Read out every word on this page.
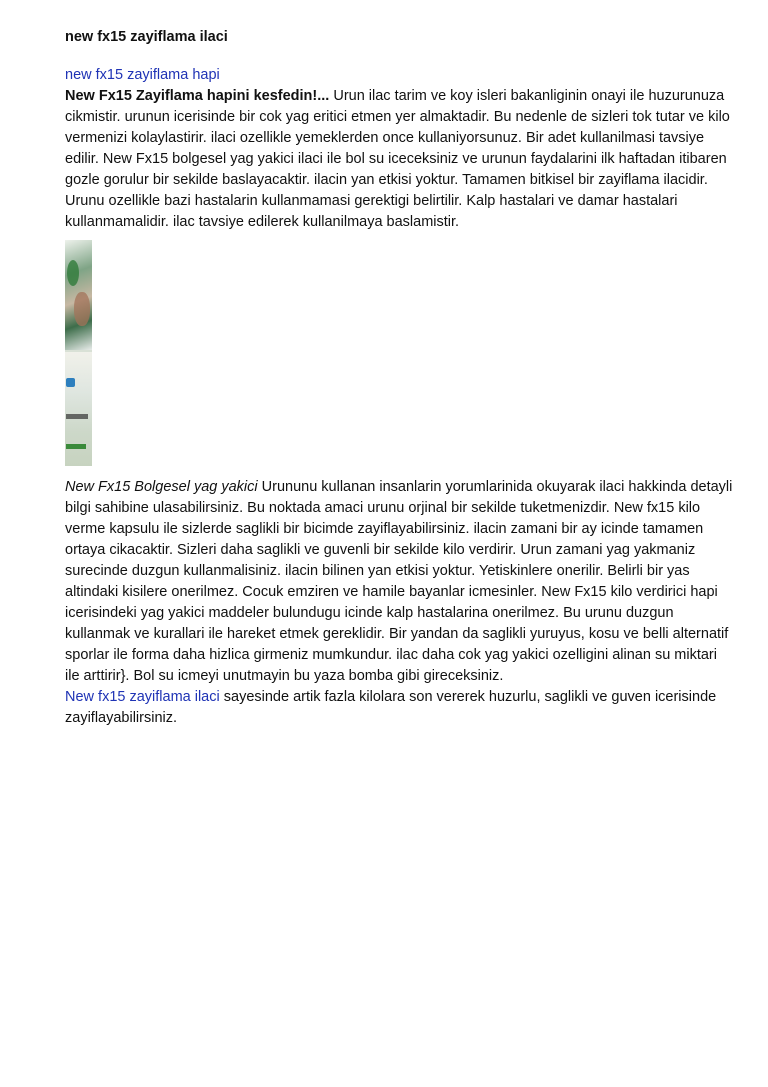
new fx15 zayiflama ilaci

new fx15 zayiflama hapi
New Fx15 Zayiflama hapini kesfedin!... Urun ilac tarim ve koy isleri bakanliginin onayi ile huzurunuza cikmistir. urunun icerisinde bir cok yag eritici etmen yer almaktadir. Bu nedenle de sizleri tok tutar ve kilo vermenizi kolaylastirir. ilaci ozellikle yemeklerden once kullaniyorsunuz. Bir adet kullanilmasi tavsiye edilir. New Fx15 bolgesel yag yakici ilaci ile bol su iceceksiniz ve urunun faydalarini ilk haftadan itibaren gozle gorulur bir sekilde baslayacaktir. ilacin yan etkisi yoktur. Tamamen bitkisel bir zayiflama ilacidir. Urunu ozellikle bazi hastalarin kullanmamasi gerektigi belirtilir. Kalp hastalari ve damar hastalari kullanmamalidir. ilac tavsiye edilerek kullanilmaya baslamistir.

New Fx15 Bolgesel yag yakici Urununu kullanan insanlarin yorumlarinida okuyarak ilaci hakkinda detayli bilgi sahibine ulasabilirsiniz. Bu noktada amaci urunu orjinal bir sekilde tuketmenizdir. New fx15 kilo verme kapsulu ile sizlerde saglikli bir bicimde zayiflayabilirsiniz. ilacin zamani bir ay icinde tamamen ortaya cikacaktir. Sizleri daha saglikli ve guvenli bir sekilde kilo verdirir. Urun zamani yag yakmaniz surecinde duzgun kullanmalisiniz. ilacin bilinen yan etkisi yoktur. Yetiskinlere onerilir. Belirli bir yas altindaki kisilere onerilmez. Cocuk emziren ve hamile bayanlar icmesinler. New Fx15 kilo verdirici hapi icerisindeki yag yakici maddeler bulundugu icinde kalp hastalarina onerilmez. Bu urunu duzgun kullanmak ve kurallari ile hareket etmek gereklidir. Bir yandan da saglikli yuruyus, kosu ve belli alternatif sporlar ile forma daha hizlica girmeniz mumkundur. ilac daha cok yag yakici ozelligini alinan su miktari ile arttirir}. Bol su icmeyi unutmayin bu yaza bomba gibi gireceksiniz.
New fx15 zayiflama ilaci sayesinde artik fazla kilolara son vererek huzurlu, saglikli ve guven icerisinde zayiflayabilirsiniz.
